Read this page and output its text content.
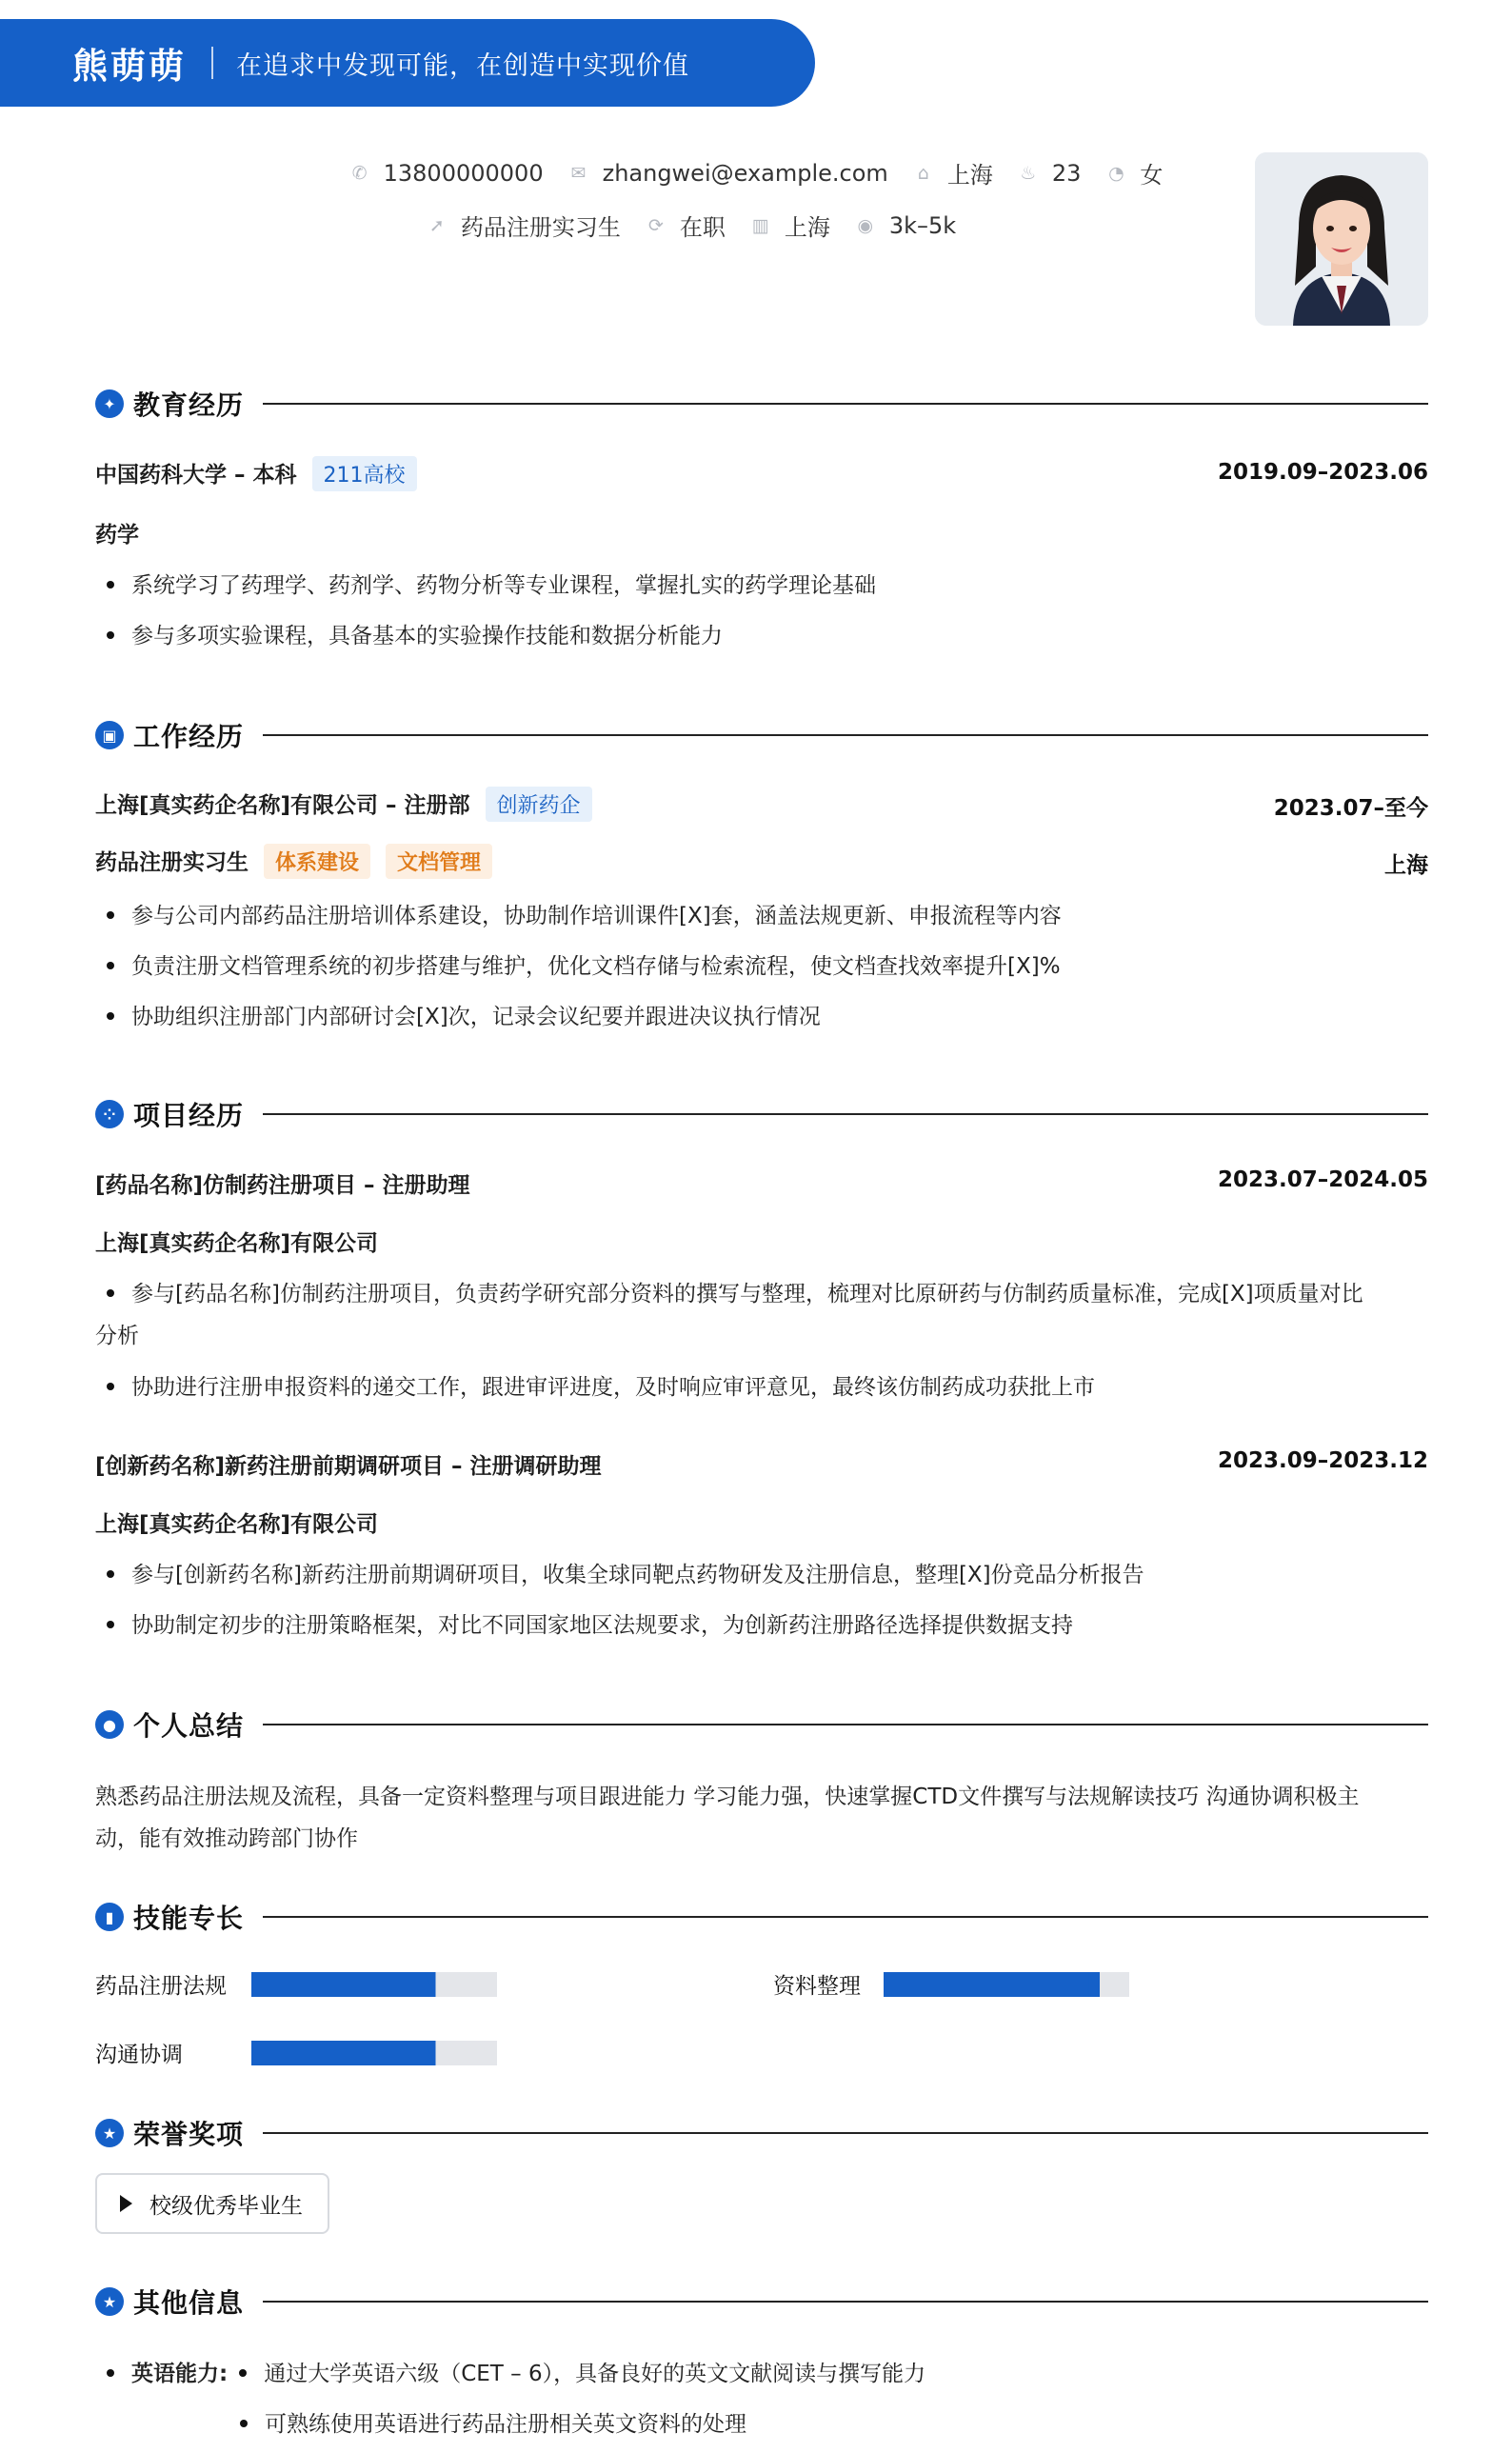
熊萌萌 在追求中发现可能，在创造中实现价值
✆ 13800000000 ✉ zhangwei@example.com ⌂ 上海 ♨ 23 ◔ 女
➚ 药品注册实习生 ⟳ 在职 ▥ 上海 ◉ 3k–5k
✦ 教育经历
中国药科大学 – 本科 211高校	2019.09–2023.06
药学
系统学习了药理学、药剂学、药物分析等专业课程，掌握扎实的药学理论基础
参与多项实验课程，具备基本的实验操作技能和数据分析能力
▣ 工作经历
上海[真实药企名称]有限公司 – 注册部 创新药企	2023.07–至今
药品注册实习生 体系建设 文档管理	上海
参与公司内部药品注册培训体系建设，协助制作培训课件[X]套，涵盖法规更新、申报流程等内容
负责注册文档管理系统的初步搭建与维护，优化文档存储与检索流程，使文档查找效率提升[X]%
协助组织注册部门内部研讨会[X]次，记录会议纪要并跟进决议执行情况
⁘ 项目经历
[药品名称]仿制药注册项目 – 注册助理	2023.07–2024.05
上海[真实药企名称]有限公司
参与[药品名称]仿制药注册项目，负责药学研究部分资料的撰写与整理，梳理对比原研药与仿制药质量标准，完成[X]项质量对比
分析
协助进行注册申报资料的递交工作，跟进审评进度，及时响应审评意见，最终该仿制药成功获批上市
[创新药名称]新药注册前期调研项目 – 注册调研助理	2023.09–2023.12
上海[真实药企名称]有限公司
参与[创新药名称]新药注册前期调研项目，收集全球同靶点药物研发及注册信息，整理[X]份竞品分析报告
协助制定初步的注册策略框架，对比不同国家地区法规要求，为创新药注册路径选择提供数据支持
● 个人总结
熟悉药品注册法规及流程，具备一定资料整理与项目跟进能力 学习能力强，快速掌握CTD文件撰写与法规解读技巧 沟通协调积极主
动，能有效推动跨部门协作
▮ 技能专长
药品注册法规	资料整理
沟通协调
★ 荣誉奖项
校级优秀毕业生
★ 其他信息
英语能力: 通过大学英语六级（CET – 6），具备良好的英文文献阅读与撰写能力
可熟练使用英语进行药品注册相关英文资料的处理
